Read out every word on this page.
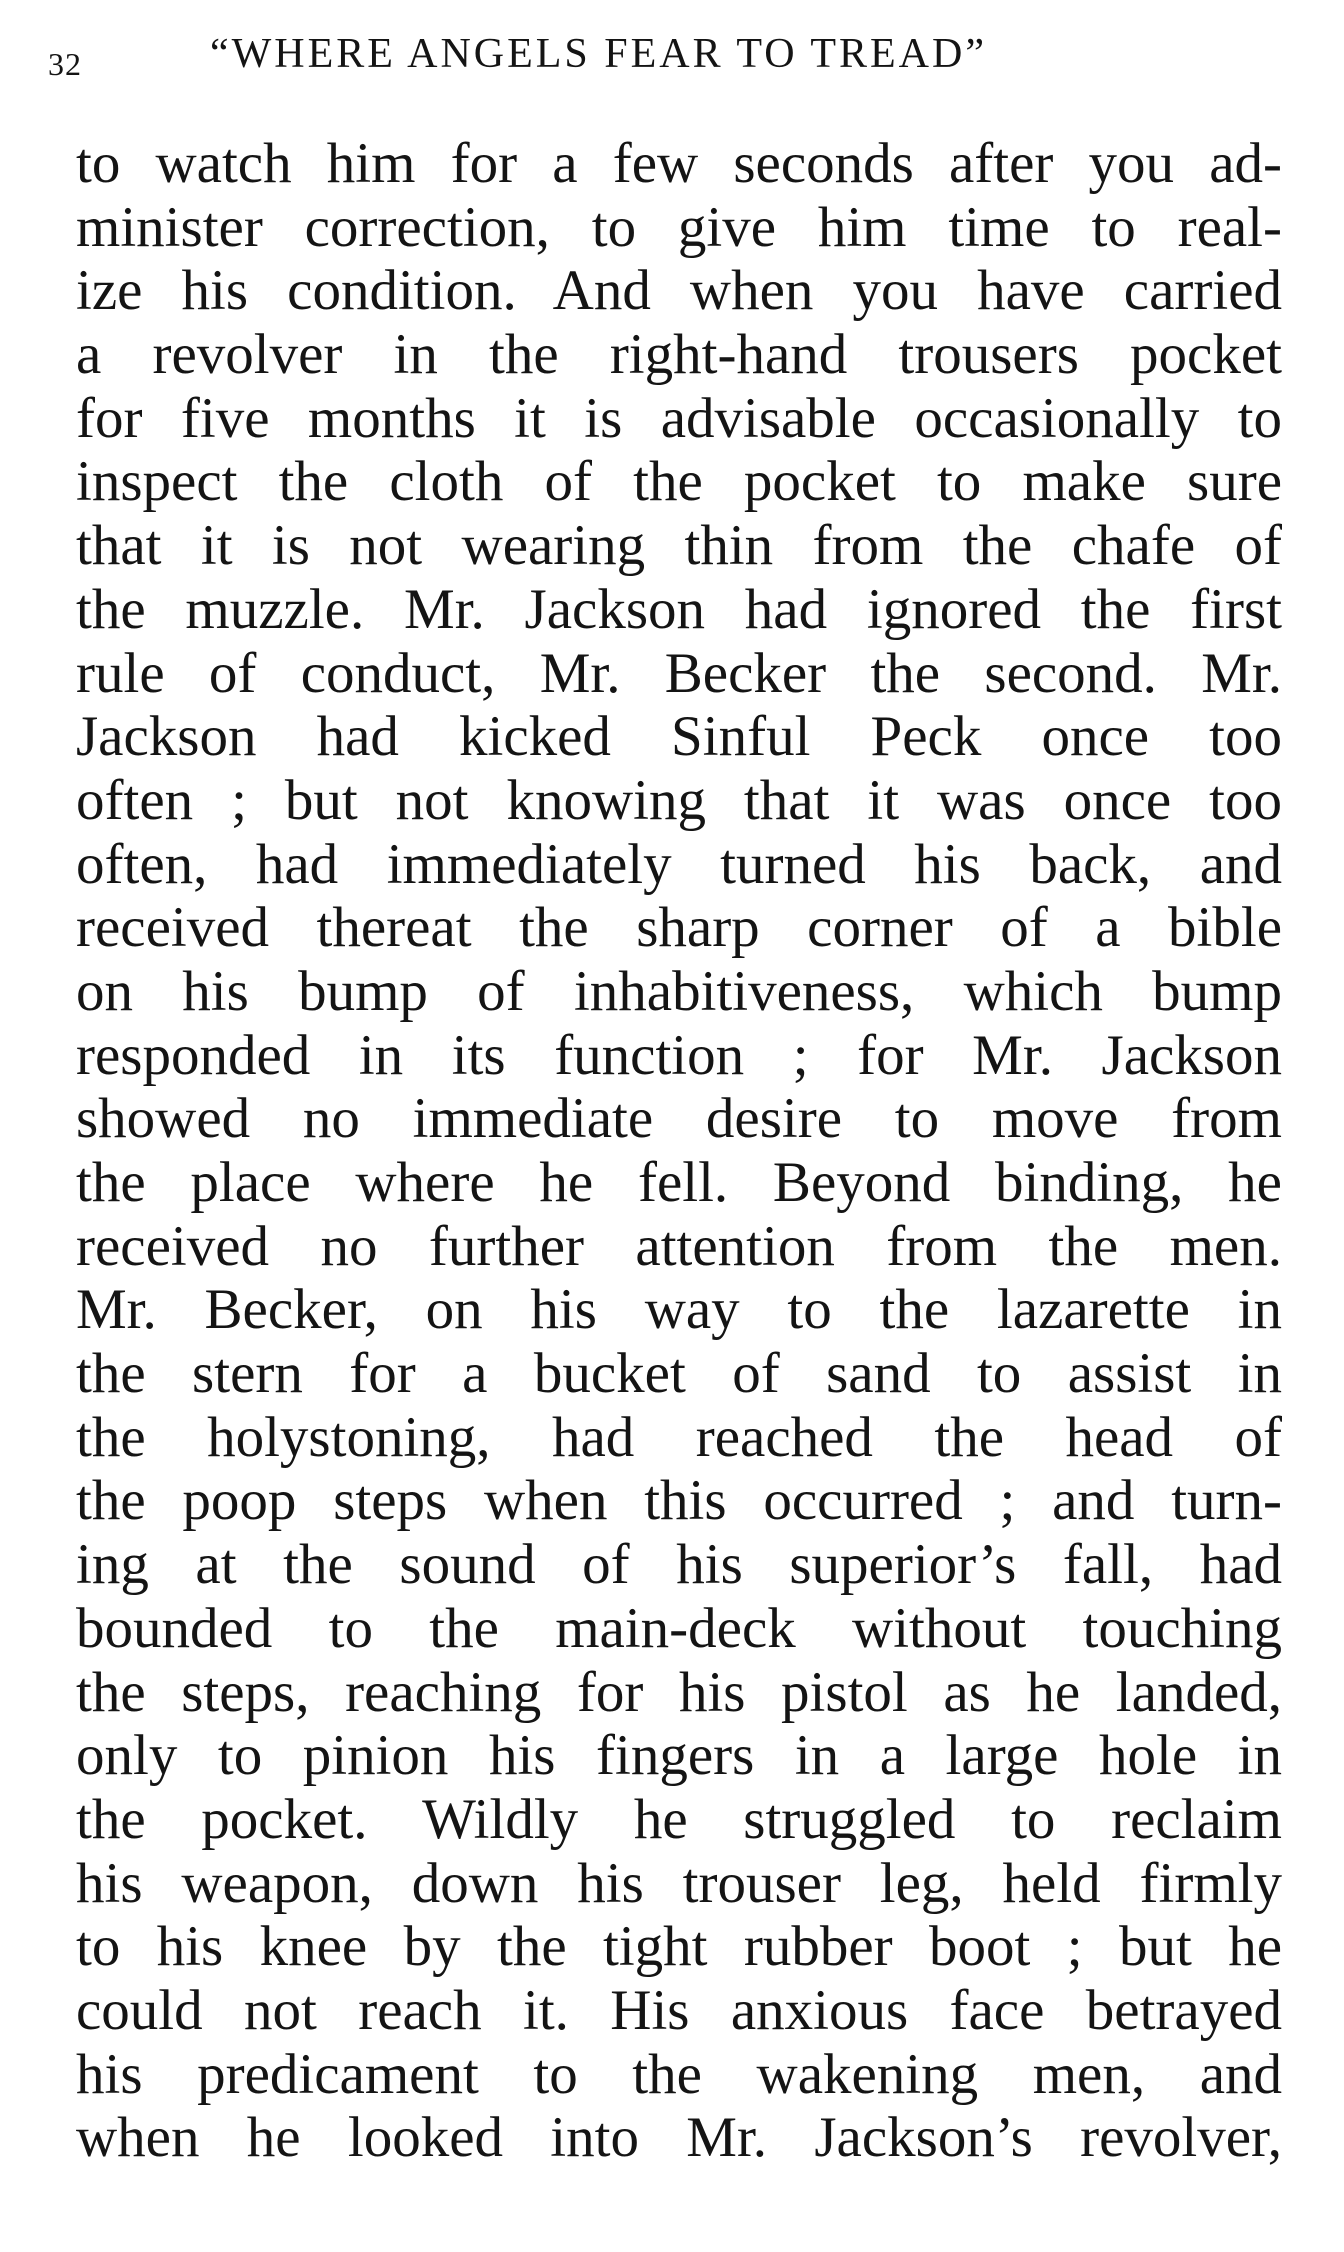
32	“WHERE ANGELS FEAR TO TREAD”
to watch him for a few seconds after you ad-
minister correction, to give him time to real-
ize his condition. And when you have carried
a revolver in the right-hand trousers pocket
for five months it is advisable occasionally to
inspect the cloth of the pocket to make sure
that it is not wearing thin from the chafe of
the muzzle. Mr. Jackson had ignored the first
rule of conduct, Mr. Becker the second. Mr.
Jackson had kicked Sinful Peck once too
often ; but not knowing that it was once too
often, had immediately turned his back, and
received thereat the sharp corner of a bible
on his bump of inhabitiveness, which bump
responded in its function ; for Mr. Jackson
showed no immediate desire to move from
the place where he fell. Beyond binding, he
received no further attention from the men.
Mr. Becker, on his way to the lazarette in
the stern for a bucket of sand to assist in
the holystoning, had reached the head of
the poop steps when this occurred ; and turn-
ing at the sound of his superior’s fall, had
bounded to the main-deck without touching
the steps, reaching for his pistol as he landed,
only to pinion his fingers in a large hole in
the pocket. Wildly he struggled to reclaim
his weapon, down his trouser leg, held firmly
to his knee by the tight rubber boot ; but he
could not reach it. His anxious face betrayed
his predicament to the wakening men, and
when he looked into Mr. Jackson’s revolver,
